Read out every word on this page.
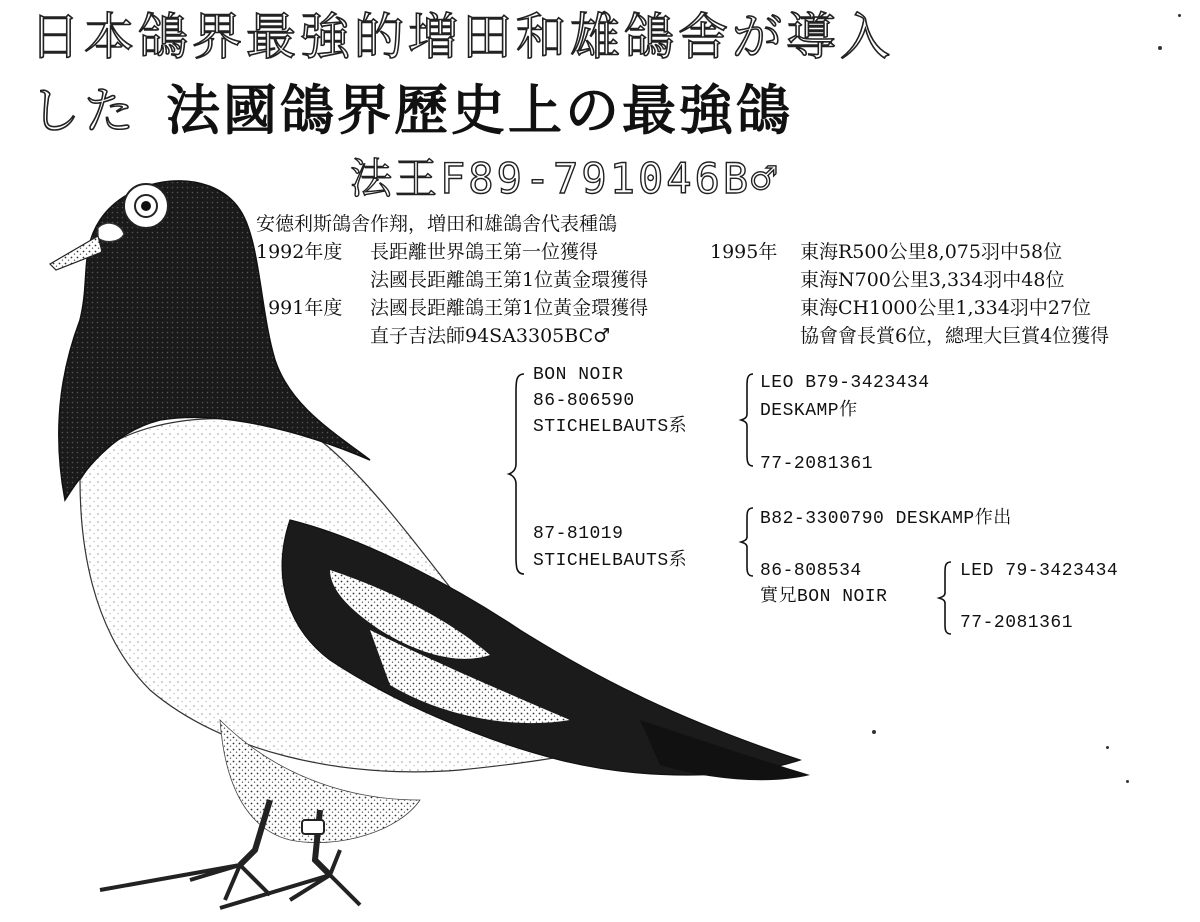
日本鴿界最強的増田和雄鴿舎が導入
した 法國鴿界歷史上の最強鴿
法王F89-791046B♂
安德利斯鴿舎作翔，増田和雄鴿舎代表種鴿
1992年度 長距離世界鴿王第一位獲得
法國長距離鴿王第1位黃金環獲得
1991年度 法國長距離鴿王第1位黃金環獲得
直子吉法師94SA3305BC♂
1995年 東海R500公里8,075羽中58位
東海N700公里3,334羽中48位
東海CH1000公里1,334羽中27位
協會會長賞6位，總理大巨賞4位獲得
BON NOIR
86-806590
STICHELBAUTS系
LEO B79-3423434
DESKAMP作
77-2081361
87-81019
STICHELBAUTS系
B82-3300790 DESKAMP作出
86-808534
實兄BON NOIR
LED 79-3423434
77-2081361
